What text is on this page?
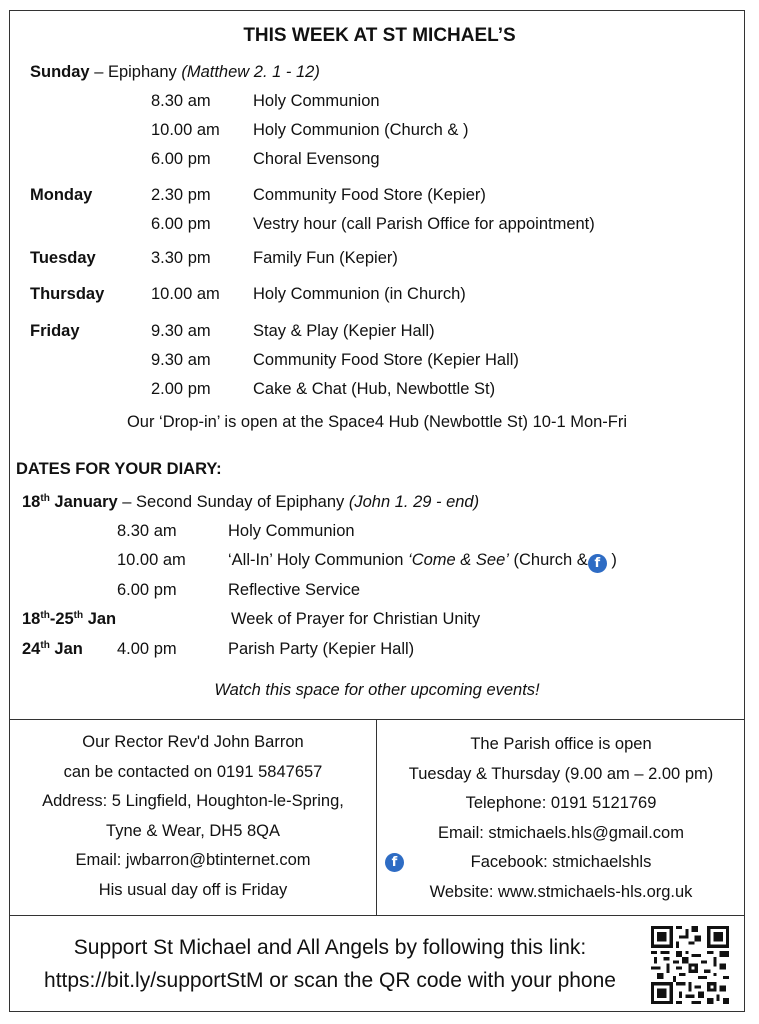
THIS WEEK AT ST MICHAEL’S
Sunday – Epiphany (Matthew 2. 1 - 12)
8.30 am	Holy Communion
10.00 am Holy Communion (Church & )
6.00 pm	Choral Evensong
Monday	2.30 pm	Community Food Store (Kepier)
6.00 pm	Vestry hour (call Parish Office for appointment)
Tuesday	3.30 pm	Family Fun (Kepier)
Thursday	10.00 am Holy Communion (in Church)
Friday	9.30 am	Stay & Play (Kepier Hall)
9.30 am	Community Food Store (Kepier Hall)
2.00 pm	Cake & Chat (Hub, Newbottle St)
Our ‘Drop-in’ is open at the Space4 Hub (Newbottle St) 10-1 Mon-Fri
DATES FOR YOUR DIARY:
18th January – Second Sunday of Epiphany (John 1. 29 - end)
8.30 am	Holy Communion
10.00 am	‘All-In’ Holy Communion ‘Come & See’ (Church & f )
6.00 pm	Reflective Service
18th-25th Jan	Week of Prayer for Christian Unity
24th Jan 4.00 pm	Parish Party (Kepier Hall)
Watch this space for other upcoming events!
Our Rector Rev'd John Barron
can be contacted on 0191 5847657
Address: 5 Lingfield, Houghton-le-Spring,
Tyne & Wear, DH5 8QA
Email: jwbarron@btinternet.com
His usual day off is Friday
The Parish office is open
Tuesday & Thursday (9.00 am – 2.00 pm)
Telephone: 0191 5121769
Email: stmichaels.hls@gmail.com
f	Facebook: stmichaelshls
Website: www.stmichaels-hls.org.uk
Support St Michael and All Angels by following this link:
https://bit.ly/supportStM or scan the QR code with your phone
